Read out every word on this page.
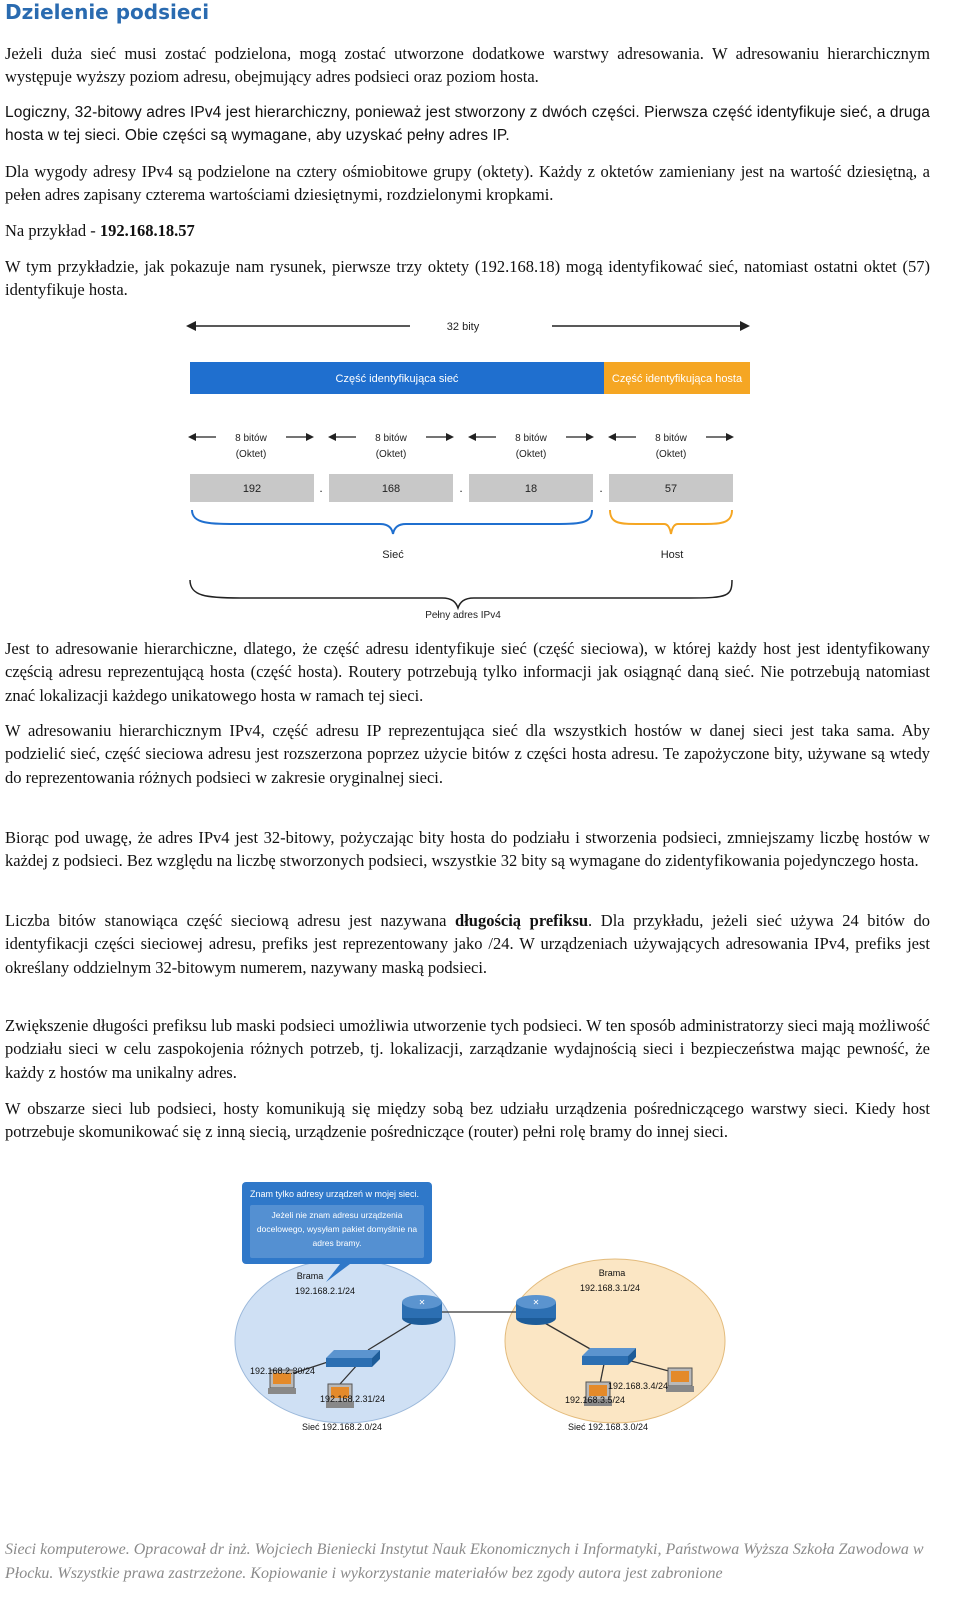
Dzielenie podsieci

Jeżeli duża sieć musi zostać podzielona, mogą zostać utworzone dodatkowe warstwy adresowania. W adresowaniu hierarchicznym występuje wyższy poziom adresu, obejmujący adres podsieci oraz poziom hosta.

Logiczny, 32-bitowy adres IPv4 jest hierarchiczny, ponieważ jest stworzony z dwóch części. Pierwsza część identyfikuje sieć, a druga hosta w tej sieci. Obie części są wymagane, aby uzyskać pełny adres IP.

Dla wygody adresy IPv4 są podzielone na cztery ośmiobitowe grupy (oktety). Każdy z oktetów zamieniany jest na wartość dziesiętną, a pełen adres zapisany czterema wartościami dziesiętnymi, rozdzielonymi kropkami.

Na przykład - 192.168.18.57

W tym przykładzie, jak pokazuje nam rysunek, pierwsze trzy oktety (192.168.18) mogą identyfikować sieć, natomiast ostatni oktet (57) identyfikuje hosta.

32 bity
Część identyfikująca sieć	Część identyfikująca hosta
8 bitów
(Oktet)
192	.
8 bitów
(Oktet)
168	.
8 bitów
(Oktet)
18	.
8 bitów
(Oktet)
57
Sieć	Host
Pełny adres IPv4

Jest to adresowanie hierarchiczne, dlatego, że część adresu identyfikuje sieć (część sieciowa), w której każdy host jest identyfikowany częścią adresu reprezentującą hosta (część hosta). Routery potrzebują tylko informacji jak osiągnąć daną sieć. Nie potrzebują natomiast znać lokalizacji każdego unikatowego hosta w ramach tej sieci.

W adresowaniu hierarchicznym IPv4, część adresu IP reprezentująca sieć dla wszystkich hostów w danej sieci jest taka sama. Aby podzielić sieć, część sieciowa adresu jest rozszerzona poprzez użycie bitów z części hosta adresu. Te zapożyczone bity, używane są wtedy do reprezentowania różnych podsieci w zakresie oryginalnej sieci.

Biorąc pod uwagę, że adres IPv4 jest 32-bitowy, pożyczając bity hosta do podziału i stworzenia podsieci, zmniejszamy liczbę hostów w każdej z podsieci. Bez względu na liczbę stworzonych podsieci, wszystkie 32 bity są wymagane do zidentyfikowania pojedynczego hosta.

Liczba bitów stanowiąca część sieciową adresu jest nazywana długością prefiksu. Dla przykładu, jeżeli sieć używa 24 bitów do identyfikacji części sieciowej adresu, prefiks jest reprezentowany jako /24. W urządzeniach używających adresowania IPv4, prefiks jest określany oddzielnym 32-bitowym numerem, nazywany maską podsieci.

Zwiększenie długości prefiksu lub maski podsieci umożliwia utworzenie tych podsieci. W ten sposób administratorzy sieci mają możliwość podziału sieci w celu zaspokojenia różnych potrzeb, tj. lokalizacji, zarządzanie wydajnością sieci i bezpieczeństwa mając pewność, że każdy z hostów ma unikalny adres.

W obszarze sieci lub podsieci, hosty komunikują się między sobą bez udziału urządzenia pośredniczącego warstwy sieci. Kiedy host potrzebuje skomunikować się z inną siecią, urządzenie pośredniczące (router) pełni rolę bramy do innej sieci.

Znam tylko adresy urządzeń w mojej sieci.
Jeżeli nie znam adresu urządzenia
docelowego, wysyłam pakiet domyślnie na
adres bramy.
Brama
192.168.2.1/24
Brama
192.168.3.1/24
✕	✕
192.168.2.30/24
192.168.2.31/24
192.168.3.4/24
192.168.3.5/24
Sieć 192.168.2.0/24	Sieć 192.168.3.0/24
Sieci komputerowe. Opracował dr inż. Wojciech Bieniecki Instytut Nauk Ekonomicznych i Informatyki, Państwowa Wyższa Szkoła Zawodowa w Płocku. Wszystkie prawa zastrzeżone. Kopiowanie i wykorzystanie materiałów bez zgody autora jest zabronione
